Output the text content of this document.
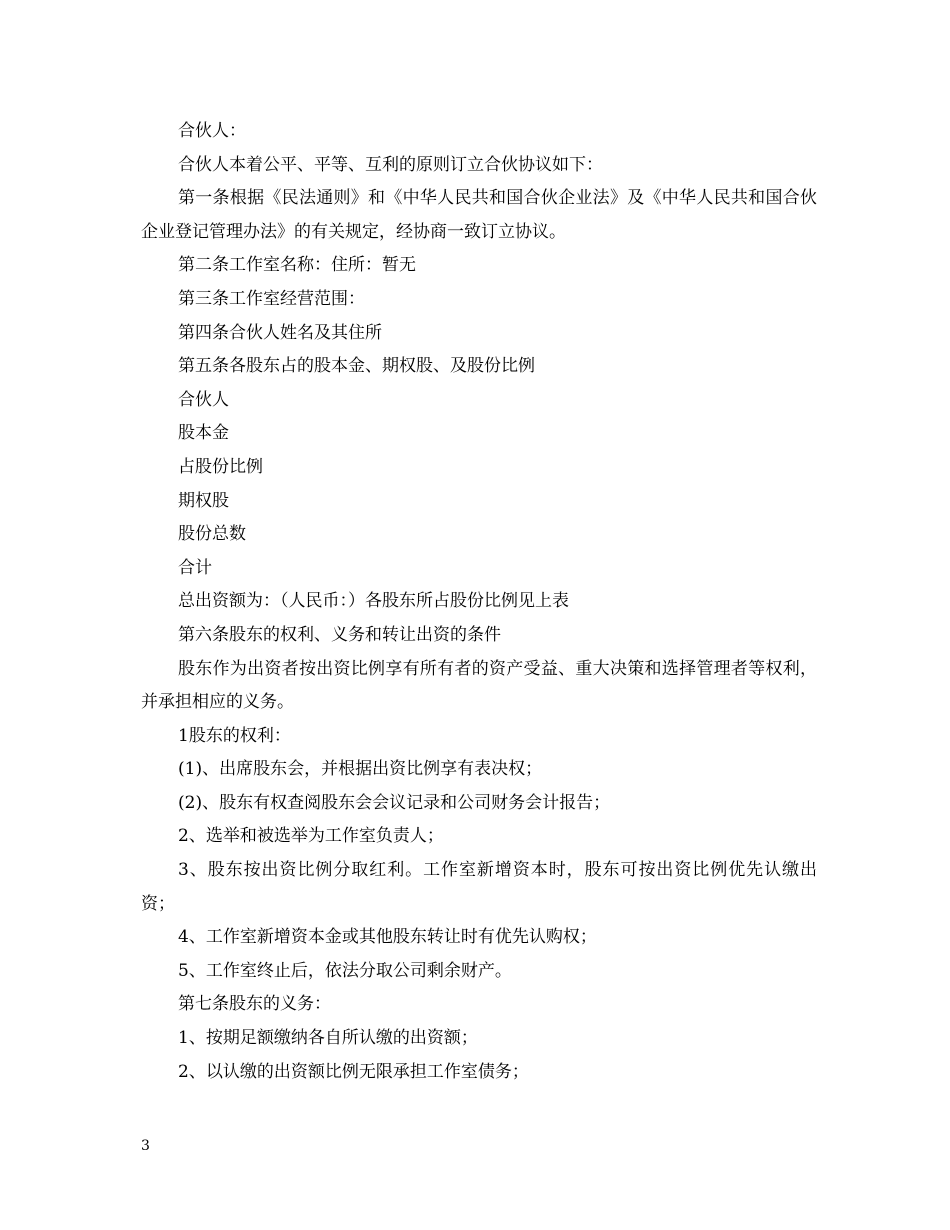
合伙人：

合伙人本着公平、平等、互利的原则订立合伙协议如下：

第一条根据《民法通则》和《中华人民共和国合伙企业法》及《中华人民共和国合伙企业登记管理办法》的有关规定，经协商一致订立协议。

第二条工作室名称：住所：暂无

第三条工作室经营范围：

第四条合伙人姓名及其住所

第五条各股东占的股本金、期权股、及股份比例

合伙人

股本金

占股份比例

期权股

股份总数

合计

总出资额为：（人民币：）各股东所占股份比例见上表

第六条股东的权利、义务和转让出资的条件

股东作为出资者按出资比例享有所有者的资产受益、重大决策和选择管理者等权利，并承担相应的义务。

1股东的权利：

(1)、出席股东会，并根据出资比例享有表决权；

(2)、股东有权查阅股东会会议记录和公司财务会计报告；

2、选举和被选举为工作室负责人；

3、股东按出资比例分取红利。工作室新增资本时，股东可按出资比例优先认缴出资；

4、工作室新增资本金或其他股东转让时有优先认购权；

5、工作室终止后，依法分取公司剩余财产。

第七条股东的义务：

1、按期足额缴纳各自所认缴的出资额；

2、以认缴的出资额比例无限承担工作室债务；

3
